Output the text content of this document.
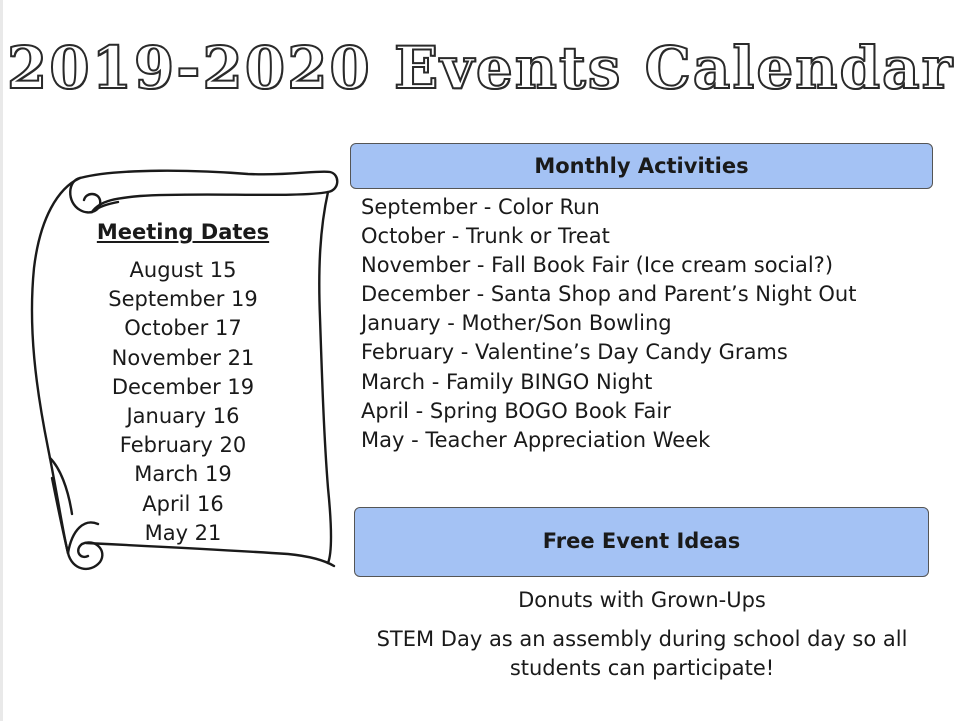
2019-2020 Events Calendar
Meeting Dates
August 15
September 19
October 17
November 21
December 19
January 16
February 20
March 19
April 16
May 21
Monthly Activities
September - Color Run
October - Trunk or Treat
November - Fall Book Fair (Ice cream social?)
December - Santa Shop and Parent’s Night Out
January - Mother/Son Bowling
February - Valentine’s Day Candy Grams
March - Family BINGO Night
April - Spring BOGO Book Fair
May - Teacher Appreciation Week
Free Event Ideas
Donuts with Grown-Ups
STEM Day as an assembly during school day so all students can participate!
